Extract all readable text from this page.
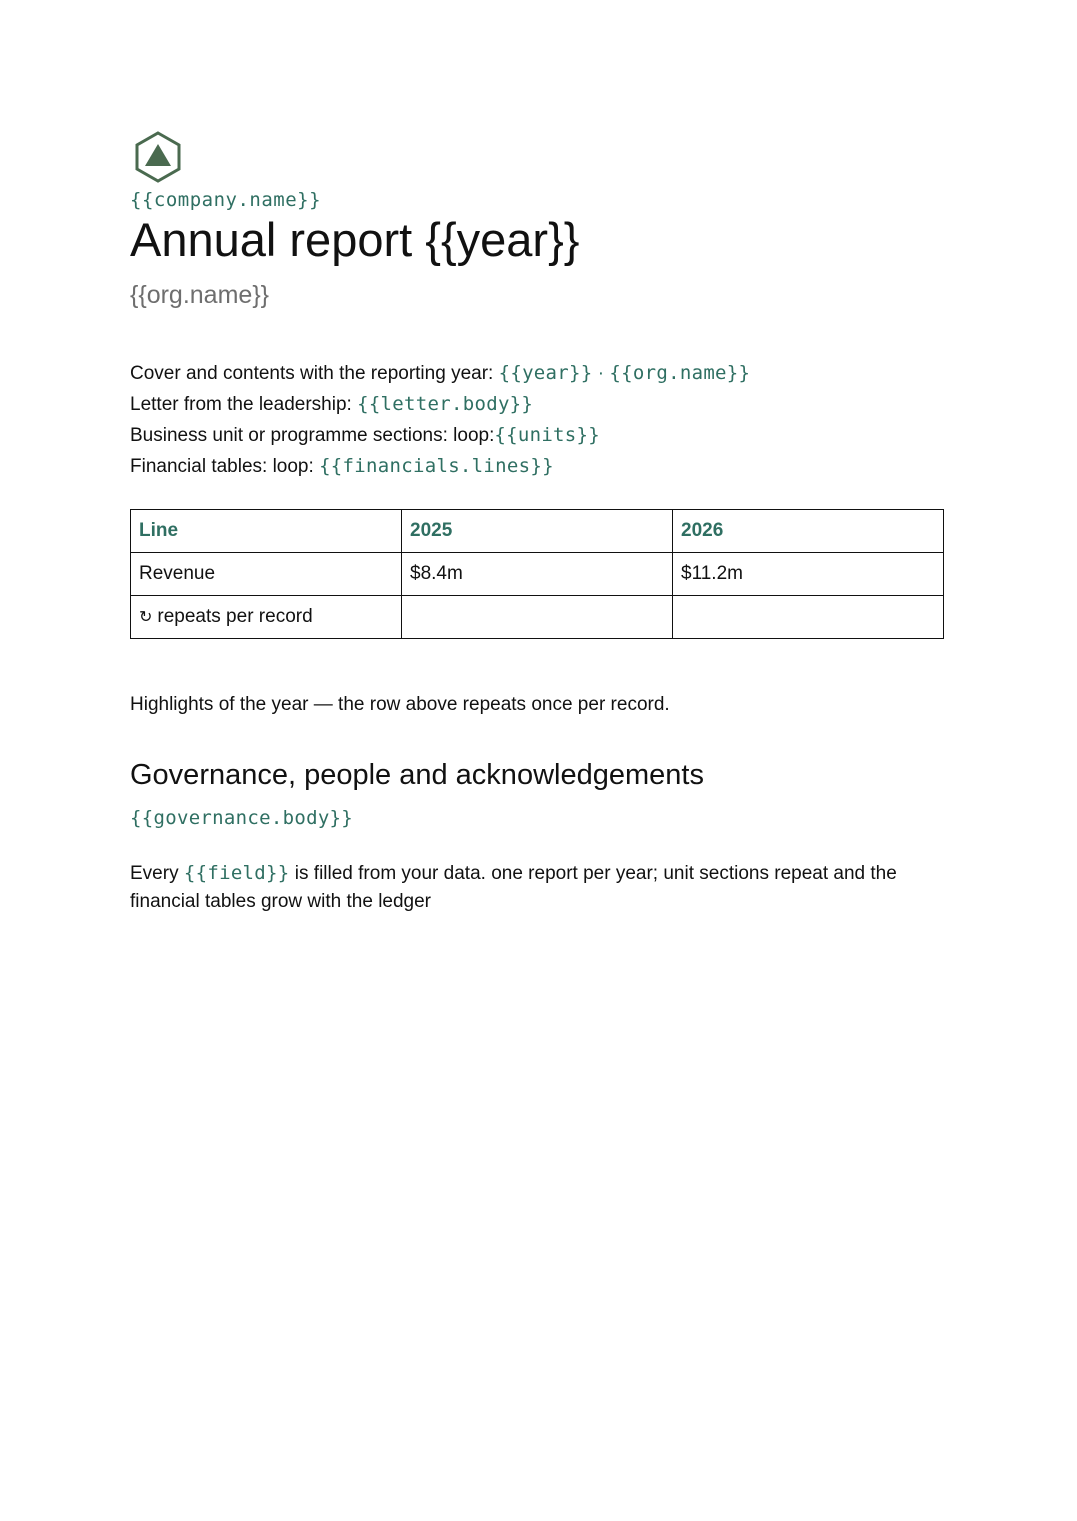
{{company.name}}
Annual report {{year}}
{{org.name}}
Cover and contents with the reporting year: {{year}} · {{org.name}}
Letter from the leadership: {{letter.body}}
Business unit or programme sections: loop:{{units}}
Financial tables: loop: {{financials.lines}}
Line	2025	2026
Revenue	$8.4m	$11.2m
↻ repeats per record		
Highlights of the year — the row above repeats once per record.
Governance, people and acknowledgements
{{governance.body}}
Every {{field}} is filled from your data. one report per year; unit sections repeat and the financial tables grow with the ledger
